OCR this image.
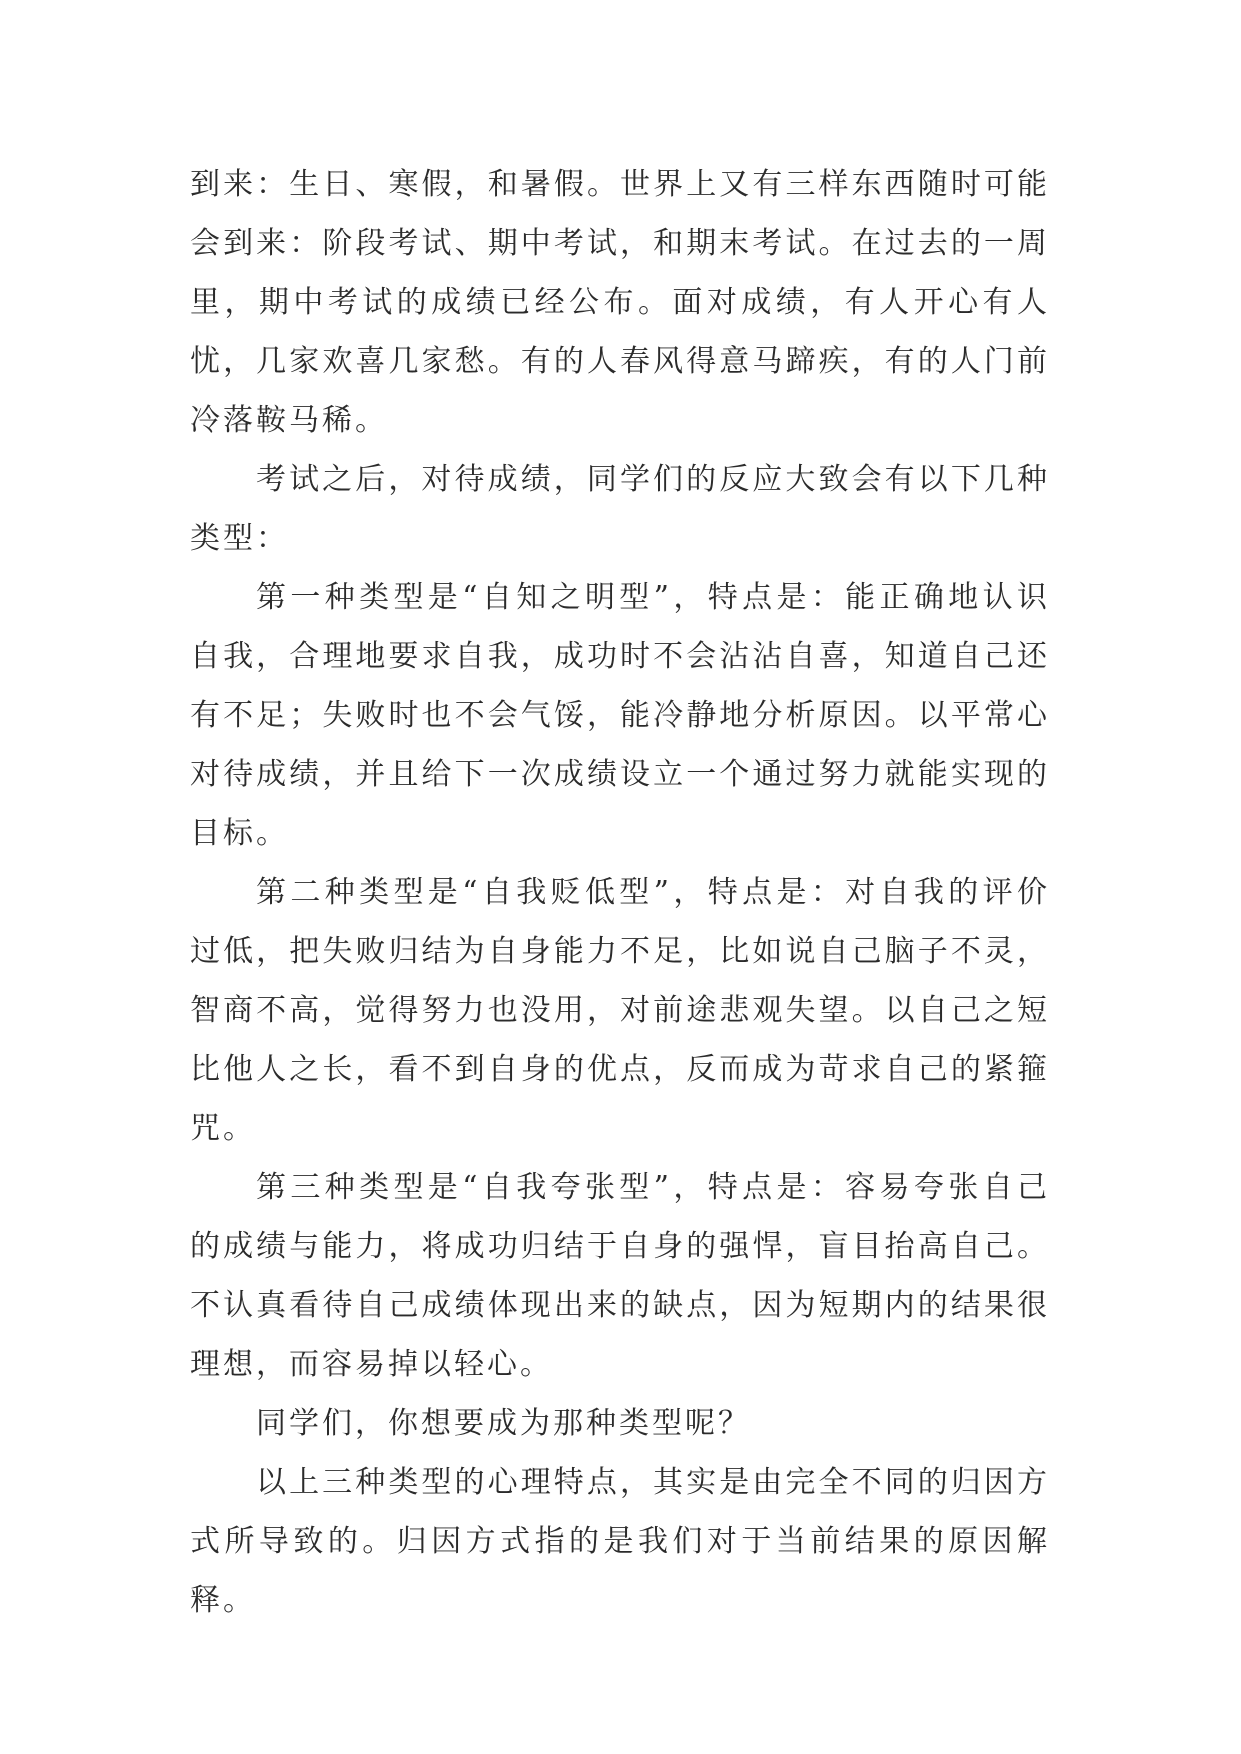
到来：生日、寒假，和暑假。世界上又有三样东西随时可能会到来：阶段考试、期中考试，和期末考试。在过去的一周里，期中考试的成绩已经公布。面对成绩，有人开心有人忧，几家欢喜几家愁。有的人春风得意马蹄疾，有的人门前冷落鞍马稀。

考试之后，对待成绩，同学们的反应大致会有以下几种类型：

第一种类型是“自知之明型”，特点是：能正确地认识自我，合理地要求自我，成功时不会沾沾自喜，知道自己还有不足；失败时也不会气馁，能冷静地分析原因。以平常心对待成绩，并且给下一次成绩设立一个通过努力就能实现的目标。

第二种类型是“自我贬低型”，特点是：对自我的评价过低，把失败归结为自身能力不足，比如说自己脑子不灵，智商不高，觉得努力也没用，对前途悲观失望。以自己之短比他人之长，看不到自身的优点，反而成为苛求自己的紧箍咒。

第三种类型是“自我夸张型”，特点是：容易夸张自己的成绩与能力，将成功归结于自身的强悍，盲目抬高自己。不认真看待自己成绩体现出来的缺点，因为短期内的结果很理想，而容易掉以轻心。

同学们，你想要成为那种类型呢？

以上三种类型的心理特点，其实是由完全不同的归因方式所导致的。归因方式指的是我们对于当前结果的原因解释。
